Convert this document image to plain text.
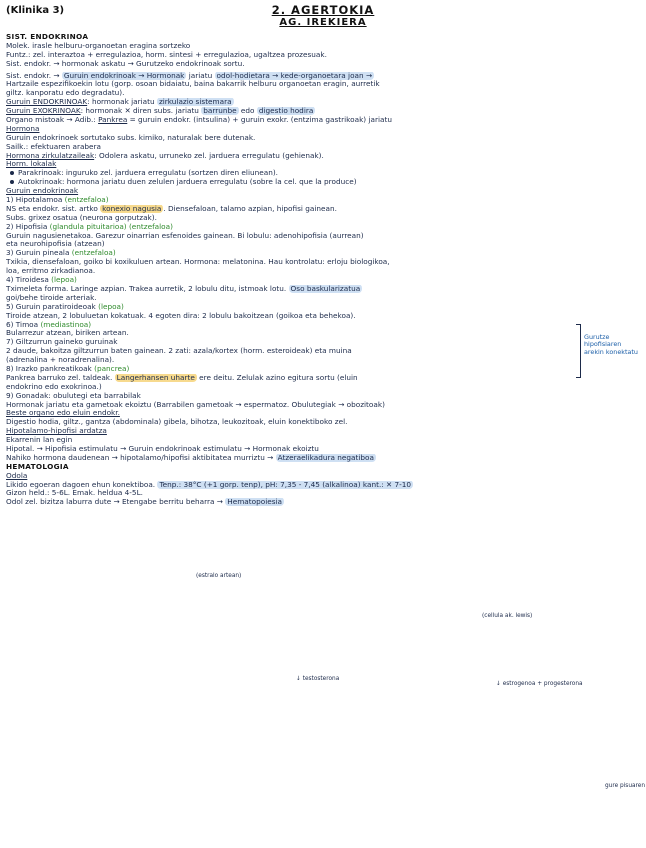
(Klinika 3)	2. AGERTOKIA
AG. IREKIERA

SIST. ENDOKRINOA

Molek. irasle helburu-organoetan eragina sortzeko

Funtz.: zel. interaztoa + erregulazioa, horm. sintesi + erregulazioa, ugaltzea prozesuak.

Sist. endokr. → hormonak askatu → Gurutzeko endokrinoak sortu.

Sist. endokr. → Guruin endokrinoak → Hormonak jariatu odol-hodietara → kede-organoetara joan →

Hartzaile espezifikoekin lotu (gorp. osoan bidaiatu, baina bakarrik helburu organoetan eragin, aurretik

giltz. kanporatu edo degradatu).

Guruin ENDOKRINOAK: hormonak jariatu zirkulazio sistemara

Guruin EXOKRINOAK: hormonak ✕ diren subs. jariatu barrunbe edo digestio hodira

Organo mistoak → Adib.: Pankrea = guruin endokr. (intsulina) + guruin exokr. (entzima gastrikoak) jariatu

Hormona

Guruin endokrinoek sortutako subs. kimiko, naturalak bere dutenak.

Sailk.: efektuaren arabera

Hormona zirkulatzaileak: Odolera askatu, urruneko zel. jarduera erregulatu (gehienak).

Horm. lokalak

Parakrinoak: inguruko zel. jarduera erregulatu (sortzen diren eliunean).

Autokrinoak: hormona jariatu duen zelulen jarduera erregulatu (sobre la cel. que la produce)

Guruin endokrinoak

1) Hipotalamoa (entzefaloa)

NS eta endokr. sist. artko konexio nagusia . Diensefaloan, talamo azpian, hipofisi gainean.

Subs. grixez osatua (neurona gorputzak).

2) Hipofisia (glandula pituitarioa) (entzefaloa)

Guruin nagusienetakoa. Garezur oinarrian esfenoides gainean. Bi lobulu: adenohipofisia (aurrean)

eta neurohipofisia (atzean)

3) Guruin pineala (entzefaloa)

Txikia, diensefaloan, goiko bi koxikuluen artean. Hormona: melatonina. Hau kontrolatu: erloju biologikoa,

loa, erritmo zirkadianoa.

4) Tiroidesa (lepoa)

Tximeleta forma. Laringe azpian. Trakea aurretik, 2 lobulu ditu, istmoak lotu. Oso baskularizatua

goi/behe tiroide arteriak.

5) Guruin paratiroideoak (lepoa)

Tiroide atzean, 2 lobuluetan kokatuak. 4 egoten dira: 2 lobulu bakoitzean (goikoa eta behekoa).

6) Timoa (mediastinoa)

Bularrezur atzean, biriken artean.

7) Giltzurrun gaineko guruinak

2 daude, bakoitza giltzurrun baten gainean. 2 zati: azala/kortex (horm. esteroideak) eta muina

(adrenalina + noradrenalina).

8) Irazko pankreatikoak (pancrea)

Pankrea barruko zel. taldeak. Langerhansen uharte ere deitu. Zelulak azino egitura sortu (eluin

endokrino edo exokrinoa.)

9) Gonadak: obulutegi eta barrabilak

Hormonak jariatu eta gametoak ekoiztu (Barrabilen gametoak → espermatoz. Obulutegiak → obozitoak)

Beste organo edo eluin endokr.

Digestio hodia, giltz., gantza (abdominala) gibela, bihotza, leukozitoak, eluin konektiboko zel.

Hipotalamo-hipofisi ardatza

Ekarrenin lan egin

Hipotal. → Hipofisia estimulatu → Guruin endokrinoak estimulatu → Hormonak ekoiztu

Nahiko hormona daudenean → hipotalamo/hipofisi aktibitatea murriztu → Atzeraelikadura negatiboa

HEMATOLOGIA

Odola

Likido egoeran dagoen ehun konektiboa. Tenp.: 38°C (+1 gorp. tenp), pH: 7,35 - 7,45 (alkalinoa) kant.: ✕ 7-10

Gizon held.: 5-6L. Emak. heldua 4-5L.

Odol zel. bizitza laburra dute → Etengabe berritu beharra → Hematopoiesia

Gurutze hipofisiaren arekin konektatu
(estralo artean)
(cellula ak. lewis)
↓ testosterona
↓ estrogenoa + progesterona
gure pisuaren
